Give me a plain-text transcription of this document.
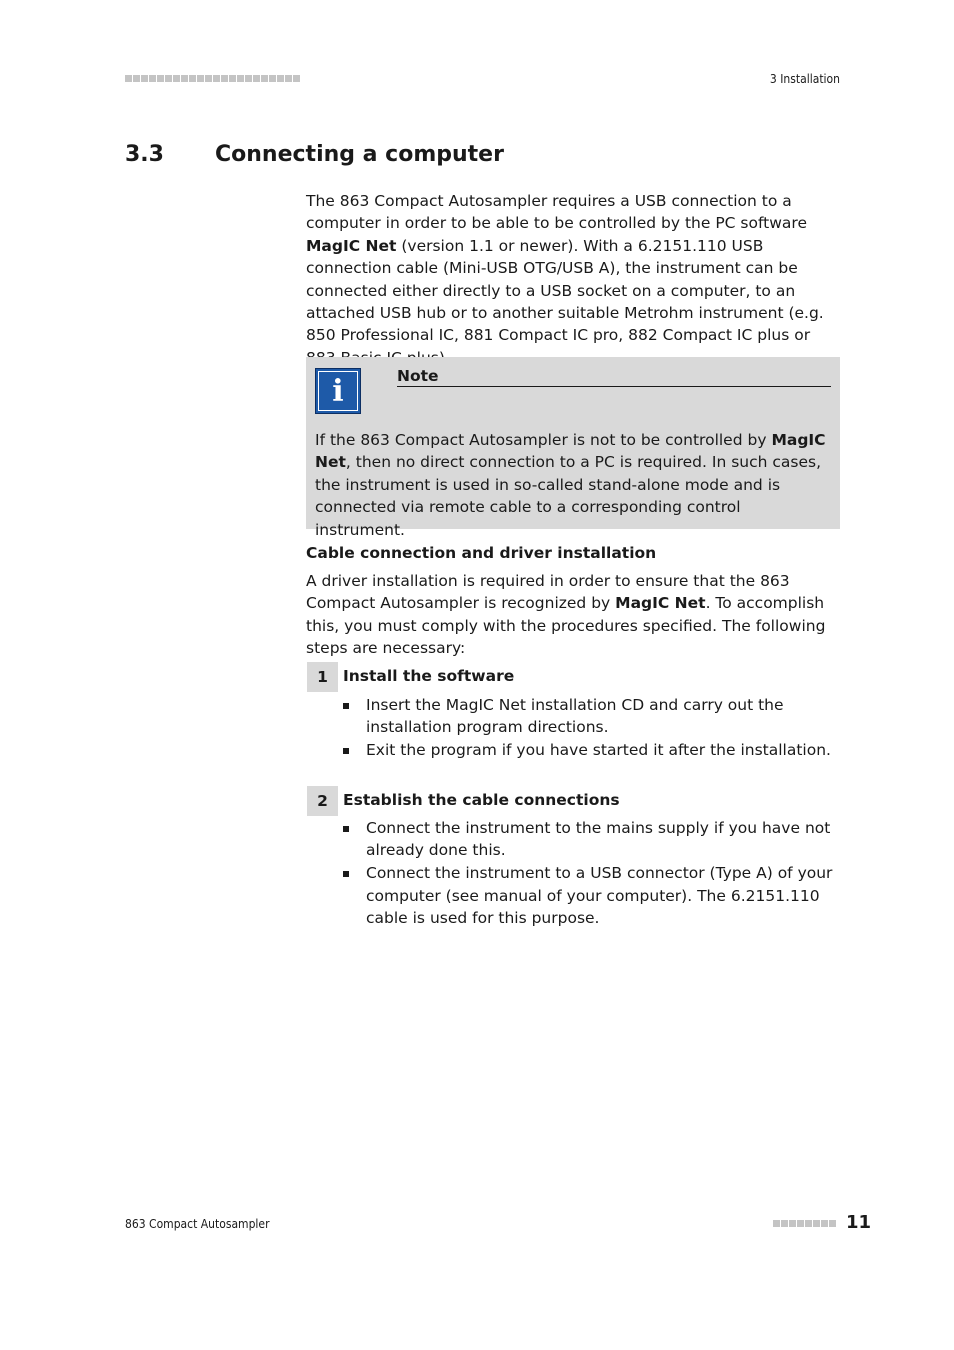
3 Installation
3.3 Connecting a computer
The 863 Compact Autosampler requires a USB connection to a computer in order to be able to be controlled by the PC software MagIC Net (version 1.1 or newer). With a 6.2151.110 USB connection cable (Mini-USB OTG/USB A), the instrument can be connected either directly to a USB socket on a computer, to an attached USB hub or to another suitable Metrohm instrument (e.g. 850 Professional IC, 881 Compact IC pro, 882 Compact IC plus or
i	Note
If the 863 Compact Autosampler is not to be controlled by MagIC Net, then no direct connection to a PC is required. In such cases, the instrument is used in so-called stand-alone mode and is connected via remote cable to a corresponding control instrument.
Cable connection and driver installation
A driver installation is required in order to ensure that the 863 Compact Autosampler is recognized by MagIC Net. To accomplish this, you must comply with the procedures specified. The following steps are necessary:
1 Install the software
Insert the MagIC Net installation CD and carry out the installation program directions.
Exit the program if you have started it after the installation.
2 Establish the cable connections
Connect the instrument to the mains supply if you have not already done this.
Connect the instrument to a USB connector (Type A) of your computer (see manual of your computer). The 6.2151.110 cable is used for this purpose.
863 Compact Autosampler	11
